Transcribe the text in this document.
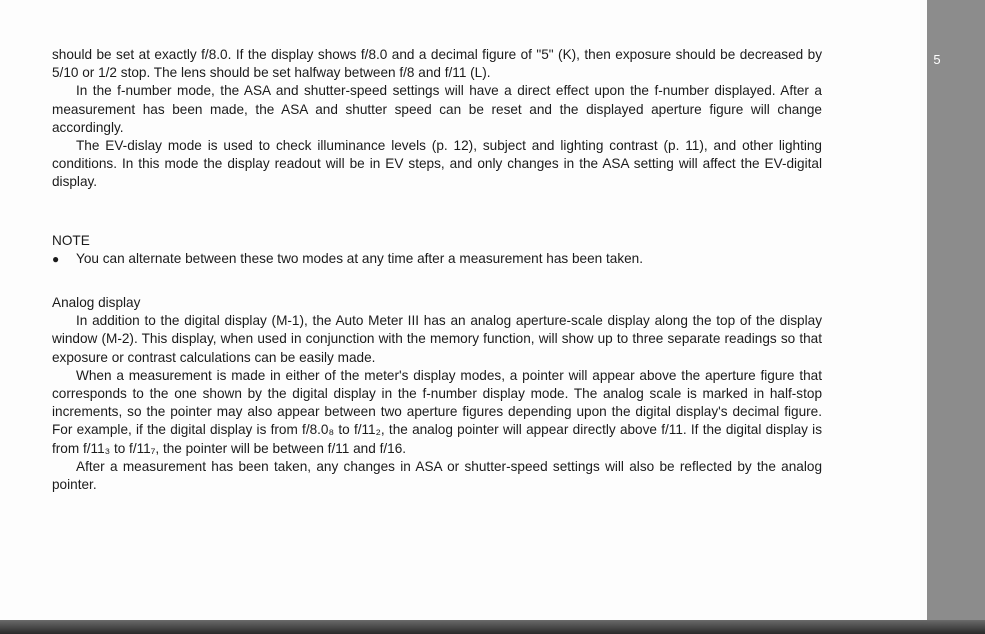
should be set at exactly f/8.0. If the display shows f/8.0 and a decimal figure of "5" (K), then exposure should be decreased by 5/10 or 1/2 stop. The lens should be set halfway between f/8 and f/11 (L).

In the f-number mode, the ASA and shutter-speed settings will have a direct effect upon the f-number displayed. After a measurement has been made, the ASA and shutter speed can be reset and the displayed aperture figure will change accordingly.

The EV-dislay mode is used to check illuminance levels (p. 12), subject and lighting contrast (p. 11), and other lighting conditions. In this mode the display readout will be in EV steps, and only changes in the ASA setting will affect the EV-digital display.

NOTE

●	You can alternate between these two modes at any time after a measurement has been taken.

Analog display

In addition to the digital display (M-1), the Auto Meter III has an analog aperture-scale display along the top of the display window (M-2). This display, when used in conjunction with the memory function, will show up to three separate readings so that exposure or contrast calculations can be easily made.

When a measurement is made in either of the meter's display modes, a pointer will appear above the aperture figure that corresponds to the one shown by the digital display in the f-number display mode. The analog scale is marked in half-stop increments, so the pointer may also appear between two aperture figures depending upon the digital display's decimal figure. For example, if the digital display is from f/8.0₈ to f/11₂, the analog pointer will appear directly above f/11. If the digital display is from f/11₃ to f/11₇, the pointer will be between f/11 and f/16.

After a measurement has been taken, any changes in ASA or shutter-speed settings will also be reflected by the analog pointer.

5
